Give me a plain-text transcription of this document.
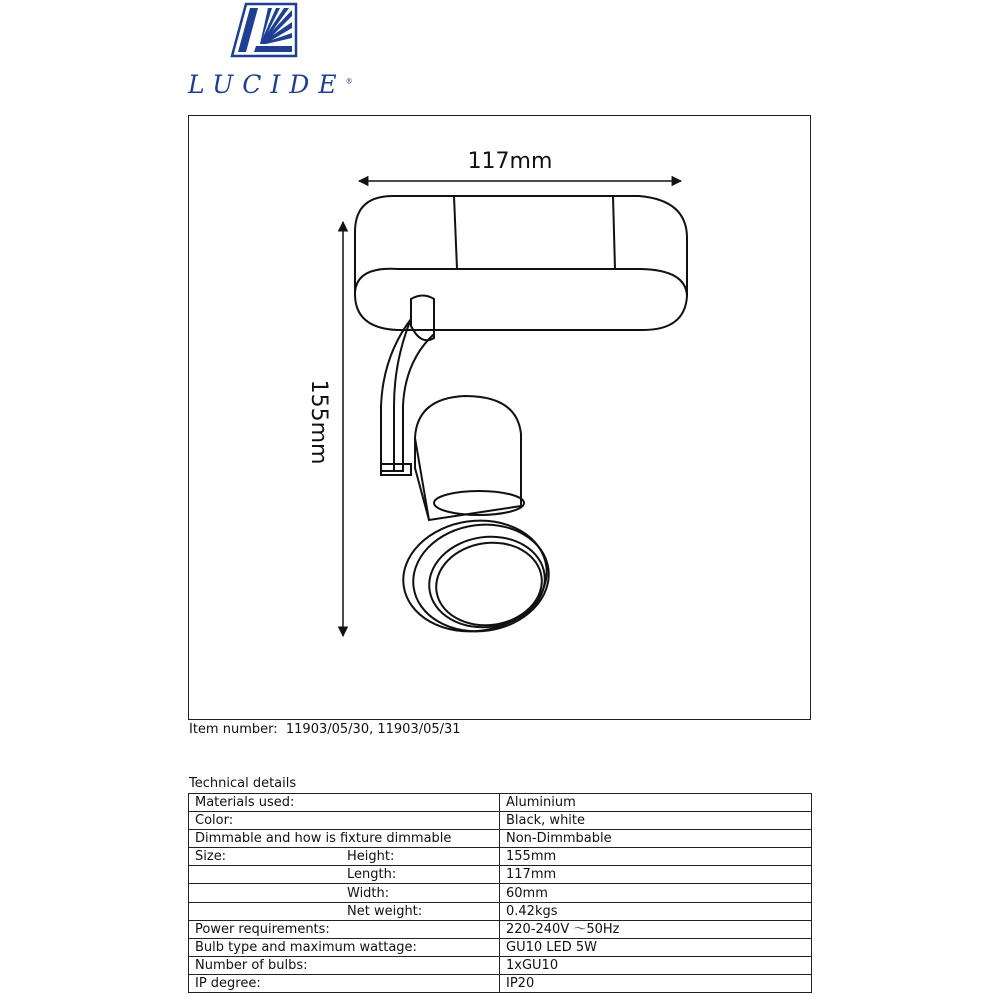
LUCIDE®
117mm
155mm
Item number: 11903/05/30, 11903/05/31
Technical details
Materials used:	Aluminium
Color:	Black, white
Dimmable and how is fixture dimmable	Non-Dimmbable
Size: Height:	155mm
Length:	117mm
Width:	60mm
Net weight:	0.42kgs
Power requirements:	220-240V ～50Hz
Bulb type and maximum wattage:	GU10 LED 5W
Number of bulbs:	1xGU10
IP degree:	IP20
